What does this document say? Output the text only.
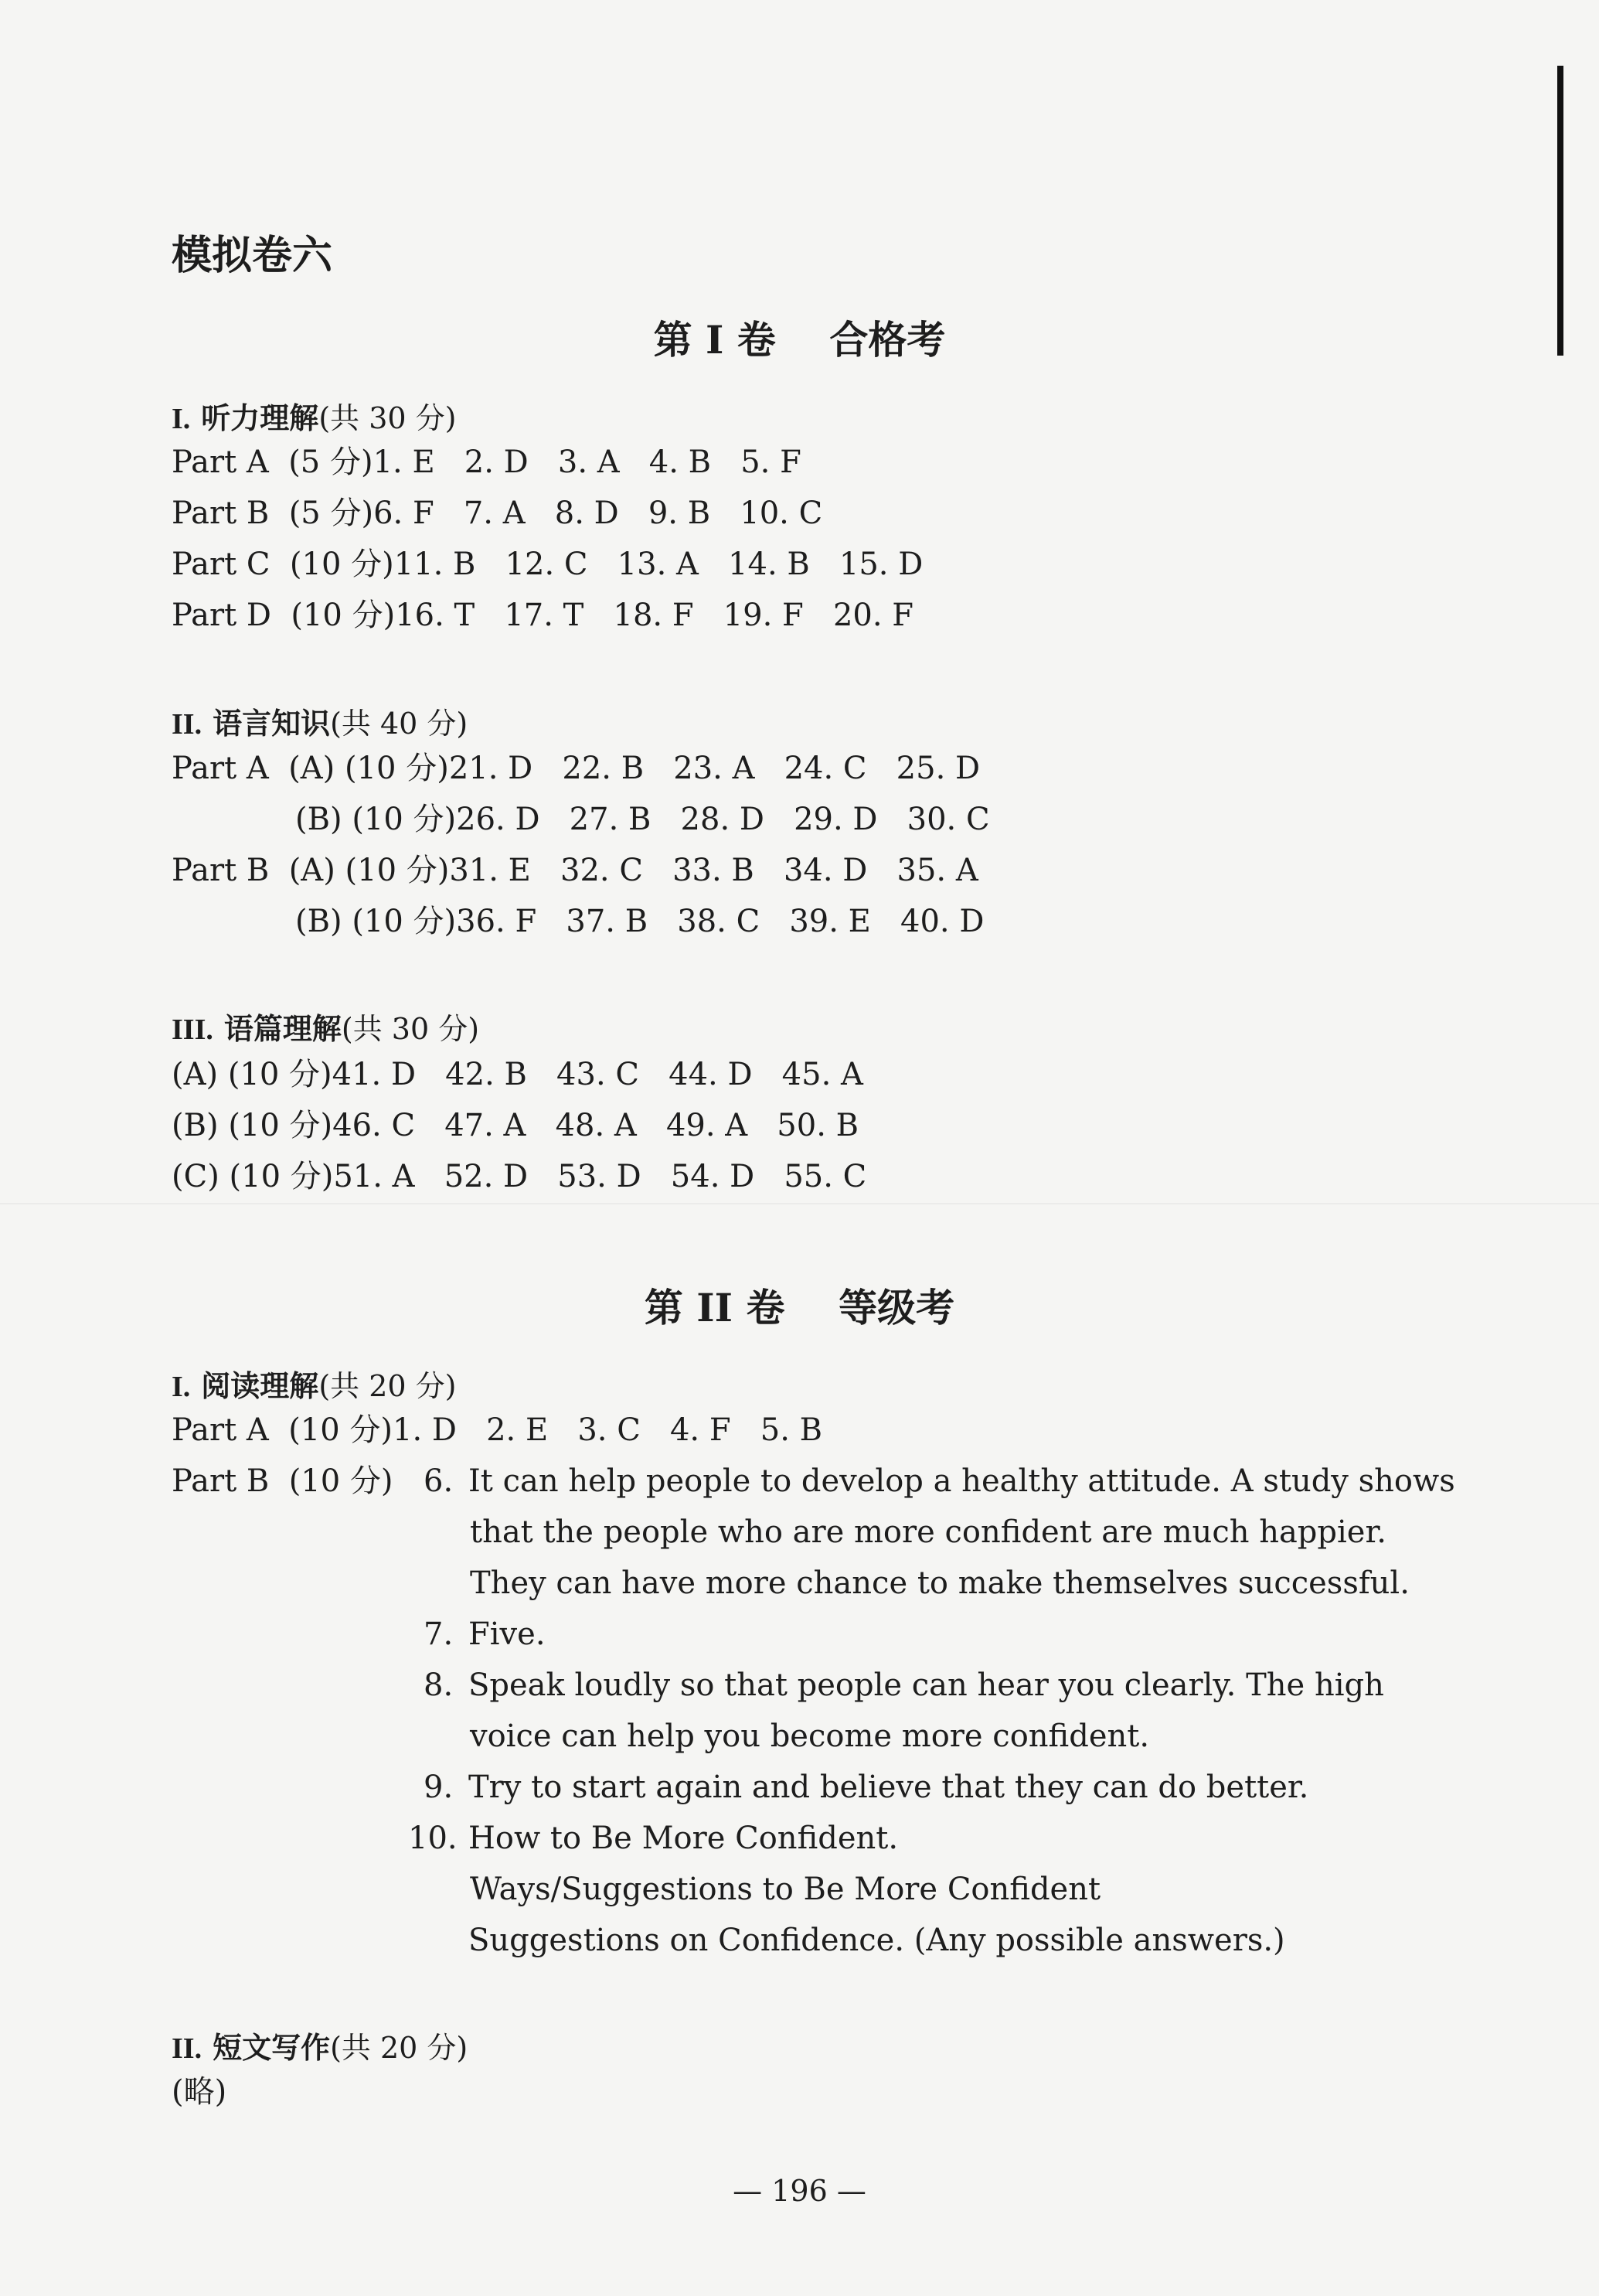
模拟卷六
第 I 卷 合格考
I. 听力理解(共 30 分)
Part A  (5 分)1. E   2. D   3. A   4. B   5. F
Part B  (5 分)6. F   7. A   8. D   9. B   10. C
Part C  (10 分)11. B   12. C   13. A   14. B   15. D
Part D  (10 分)16. T   17. T   18. F   19. F   20. F
II. 语言知识(共 40 分)
Part A  (A) (10 分)21. D   22. B   23. A   24. C   25. D
(B) (10 分)26. D   27. B   28. D   29. D   30. C
Part B  (A) (10 分)31. E   32. C   33. B   34. D   35. A
(B) (10 分)36. F   37. B   38. C   39. E   40. D
III. 语篇理解(共 30 分)
(A) (10 分)41. D   42. B   43. C   44. D   45. A
(B) (10 分)46. C   47. A   48. A   49. A   50. B
(C) (10 分)51. A   52. D   53. D   54. D   55. C
第 II 卷 等级考
I. 阅读理解(共 20 分)
Part A  (10 分)1. D   2. E   3. C   4. F   5. B
Part B  (10 分) 6. It can help people to develop a healthy attitude. A study shows
that the people who are more confident are much happier.
They can have more chance to make themselves successful.
7. Five.
8. Speak loudly so that people can hear you clearly. The high
voice can help you become more confident.
9. Try to start again and believe that they can do better.
10. How to Be More Confident.
Ways/Suggestions to Be More Confident
Suggestions on Confidence. (Any possible answers.)
II. 短文写作(共 20 分)
(略)
— 196 —
